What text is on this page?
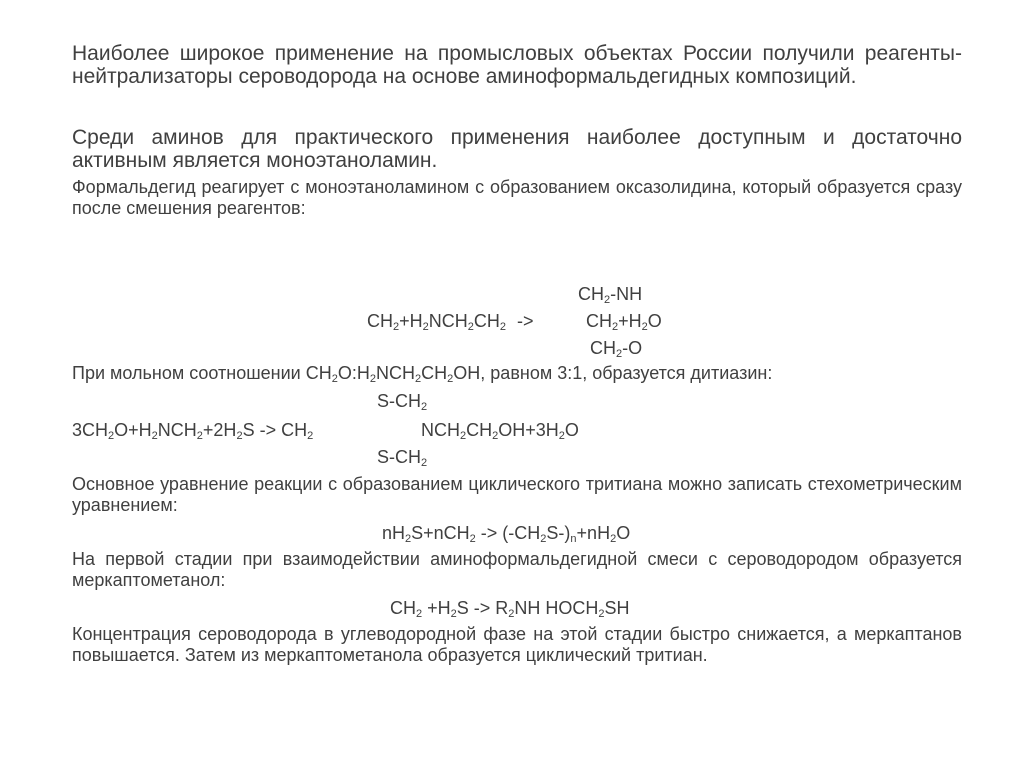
Наиболее широкое применение на промысловых объектах России получили реагенты-нейтрализаторы сероводорода на основе аминоформальдегидных композиций.

Среди аминов для практического применения наиболее доступным и достаточно активным является моноэтаноламин.

Формальдегид реагирует с моноэтаноламином с образованием оксазолидина, который образуется сразу после смешения реагентов:

$CH_2-NH$
$CH_2+H_2NCH_2CH_2$ ->	$CH_2+H_2O$
$CH_2-O$

При мольном соотношении $CH_2O:H_2NCH_2CH_2OH$, равном 3:1, образуется дитиазин:

$S-CH_2$
$3CH_2O+H_2NCH_2+2H_2S -> CH_2$	$NCH_2CH_2OH+3H_2O$
$S-CH_2$

Основное уравнение реакции с образованием циклического тритиана можно записать стехометрическим уравнением:

$nH_2S+nCH_2 -> (-CH_2S-)_n+nH_2O$

На первой стадии при взаимодействии аминоформальдегидной смеси с сероводородом образуется меркаптометанол:

$CH_2 +H_2S -> R_2NH$ $HOCH_2SH$

Концентрация сероводорода в углеводородной фазе на этой стадии быстро снижается, а меркаптанов повышается. Затем из меркаптометанола образуется циклический тритиан.
